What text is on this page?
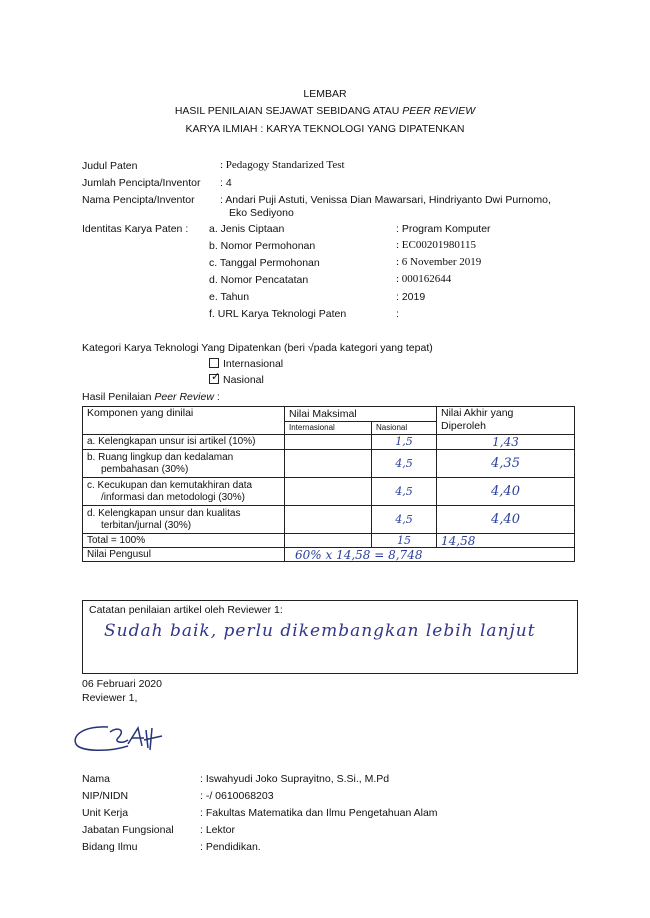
LEMBAR
HASIL PENILAIAN SEJAWAT SEBIDANG ATAU PEER REVIEW
KARYA ILMIAH : KARYA TEKNOLOGI YANG DIPATENKAN
Judul Paten	: Pedagogy Standarized Test
Jumlah Pencipta/Inventor : 4
Nama Pencipta/Inventor : Andari Puji Astuti, Venissa Dian Mawarsari, Hindriyanto Dwi Purnomo,
Eko Sediyono
Identitas Karya Paten : a. Jenis Ciptaan	: Program Komputer
b. Nomor Permohonan	: EC00201980115
c. Tanggal Permohonan	: 6 November 2019
d. Nomor Pencatatan	: 000162644
e. Tahun	: 2019
f. URL Karya Teknologi Paten	:
Kategori Karya Teknologi Yang Dipatenkan (beri √pada kategori yang tepat)
Internasional
✓ Nasional
Hasil Penilaian Peer Review :
Komponen yang dinilai	Nilai Maksimal		Nilai Akhir yang
Diperoleh
	Internasional	Nasional	
a. Kelengkapan unsur isi artikel (10%)		1,5	1,43
b. Ruang lingkup dan kedalaman
pembahasan (30%)		4,5	4,35
c. Kecukupan dan kemutakhiran data
/informasi dan metodologi (30%)		4,5	4,40
d. Kelengkapan unsur dan kualitas
terbitan/jurnal (30%)		4,5	4,40
Total = 100%		15	14,58
Nilai Pengusul	60% x 14,58 = 8,748		
Catatan penilaian artikel oleh Reviewer 1:
Sudah baik, perlu dikembangkan lebih lanjut
06 Februari 2020
Reviewer 1,
Nama	: Iswahyudi Joko Suprayitno, S.Si., M.Pd
NIP/NIDN	: -/ 0610068203
Unit Kerja	: Fakultas Matematika dan Ilmu Pengetahuan Alam
Jabatan Fungsional	: Lektor
Bidang Ilmu	: Pendidikan.
